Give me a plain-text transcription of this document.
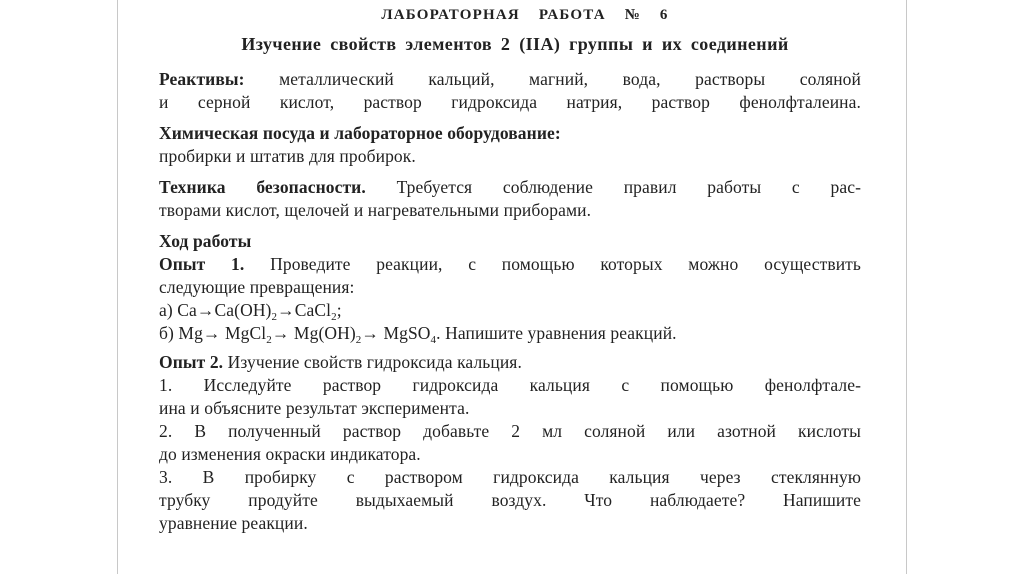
ЛАБОРАТОРНАЯ РАБОТА № 6
Изучение свойств элементов 2 (IIA) группы и их соединений
Реактивы: металлический кальций, магний, вода, растворы соляной
и серной кислот, раствор гидроксида натрия, раствор фенолфталеина.
Химическая посуда и лабораторное оборудование:
пробирки и штатив для пробирок.
Техника безопасности. Требуется соблюдение правил работы с рас-
творами кислот, щелочей и нагревательными приборами.
Ход работы
Опыт 1. Проведите реакции, с помощью которых можно осуществить
следующие превращения:
а) $Ca\to Ca(OH)_2\to CaCl_2$;
б) Mg→ MgCl$_2$→ $Mg(OH)_2\to$ MgSO$_4$. Напишите уравнения реакций.
Опыт 2. Изучение свойств гидроксида кальция.
1. Исследуйте раствор гидроксида кальция с помощью фенолфтале-
ина и объясните результат эксперимента.
2. В полученный раствор добавьте 2 мл соляной или азотной кислоты
до изменения окраски индикатора.
3. В пробирку с раствором гидроксида кальция через стеклянную
трубку продуйте выдыхаемый воздух. Что наблюдаете? Напишите
уравнение реакции.
